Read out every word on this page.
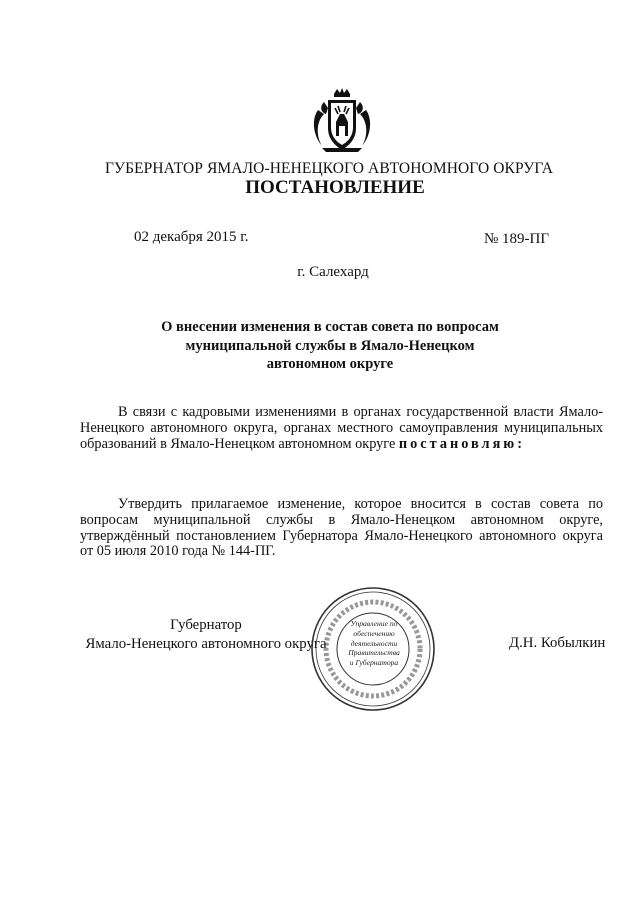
ГУБЕРНАТОР ЯМАЛО-НЕНЕЦКОГО АВТОНОМНОГО ОКРУГА
ПОСТАНОВЛЕНИЕ
02 декабря 2015 г.	№ 189-ПГ
г. Салехард
О внесении изменения в состав совета по вопросам
муниципальной службы в Ямало-Ненецком
автономном округе
В связи с кадровыми изменениями в органах государственной власти Ямало-Ненецкого автономного округа, органах местного самоуправления муниципальных образований в Ямало-Ненецком автономном округе постановляю:
Утвердить прилагаемое изменение, которое вносится в состав совета по вопросам муниципальной службы в Ямало-Ненецком автономном округе, утверждённый постановлением Губернатора Ямало-Ненецкого автономного округа от 05 июля 2010 года № 144-ПГ.
Губернатор
Ямало-Ненецкого автономного округа
Управление по
обеспечению
деятельности
Правительства
и Губернатора
Д.Н. Кобылкин
